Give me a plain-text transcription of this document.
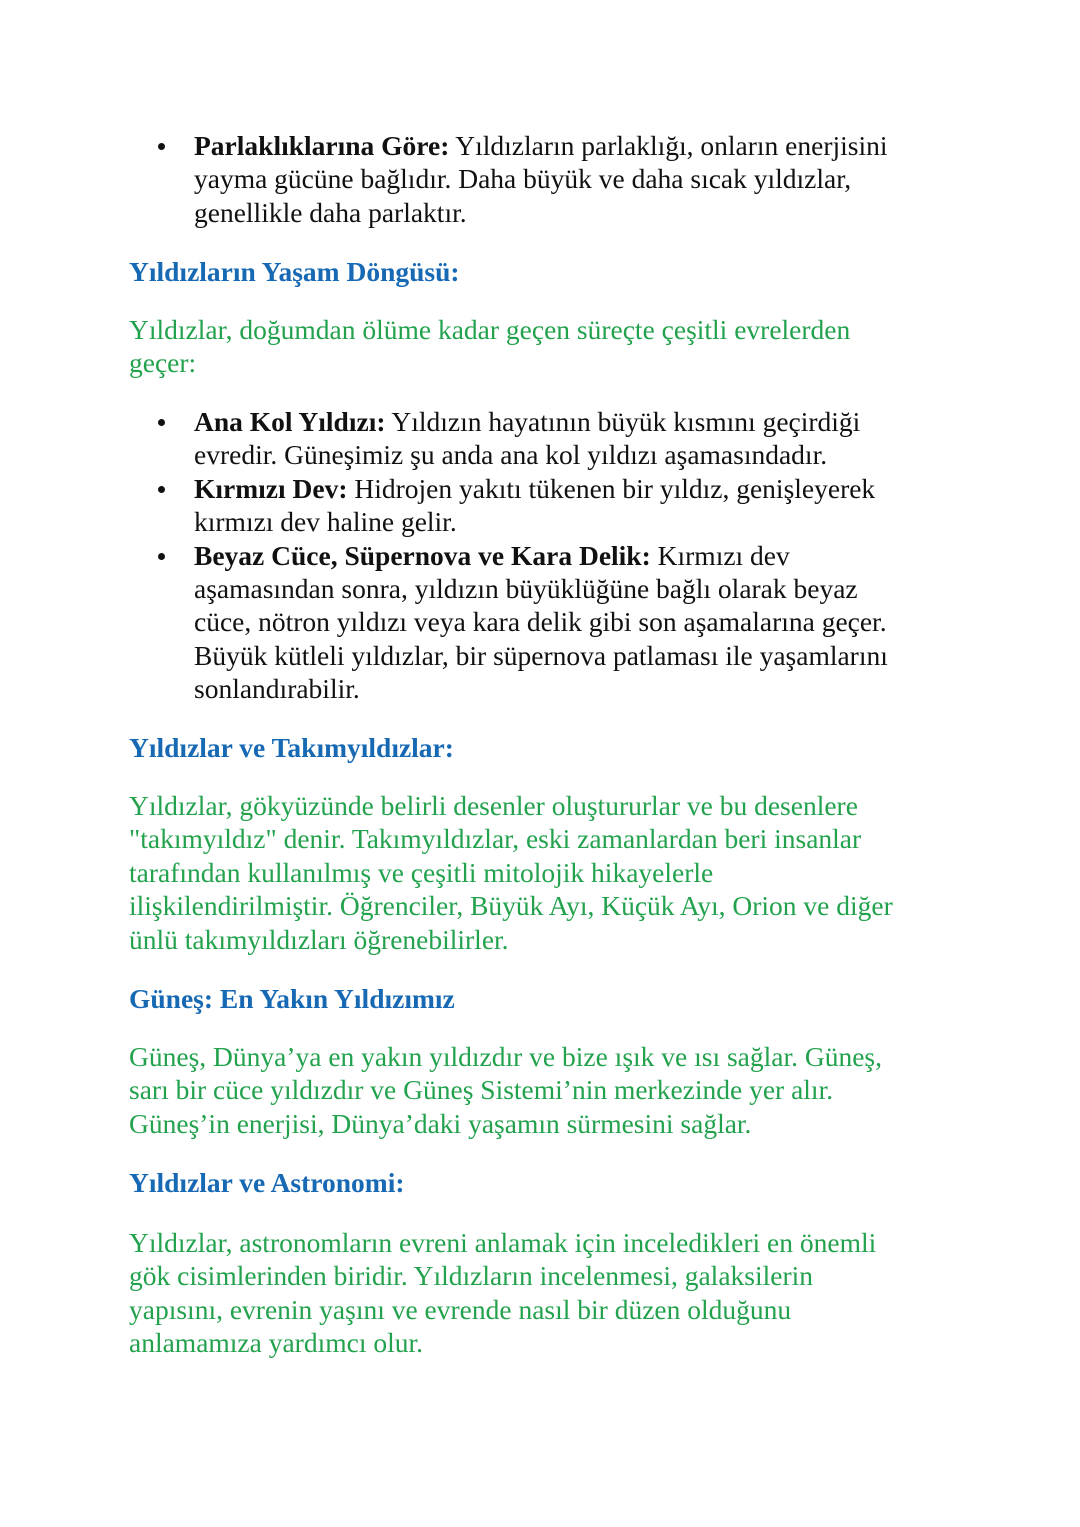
Parlaklıklarına Göre: Yıldızların parlaklığı, onların enerjisini
yayma gücüne bağlıdır. Daha büyük ve daha sıcak yıldızlar,
genellikle daha parlaktır.
Yıldızların Yaşam Döngüsü:
Yıldızlar, doğumdan ölüme kadar geçen süreçte çeşitli evrelerden
geçer:
Ana Kol Yıldızı: Yıldızın hayatının büyük kısmını geçirdiği
evredir. Güneşimiz şu anda ana kol yıldızı aşamasındadır.
Kırmızı Dev: Hidrojen yakıtı tükenen bir yıldız, genişleyerek
kırmızı dev haline gelir.
Beyaz Cüce, Süpernova ve Kara Delik: Kırmızı dev
aşamasından sonra, yıldızın büyüklüğüne bağlı olarak beyaz
cüce, nötron yıldızı veya kara delik gibi son aşamalarına geçer.
Büyük kütleli yıldızlar, bir süpernova patlaması ile yaşamlarını
sonlandırabilir.
Yıldızlar ve Takımyıldızlar:
Yıldızlar, gökyüzünde belirli desenler oluştururlar ve bu desenlere
"takımyıldız" denir. Takımyıldızlar, eski zamanlardan beri insanlar
tarafından kullanılmış ve çeşitli mitolojik hikayelerle
ilişkilendirilmiştir. Öğrenciler, Büyük Ayı, Küçük Ayı, Orion ve diğer
ünlü takımyıldızları öğrenebilirler.
Güneş: En Yakın Yıldızımız
Güneş, Dünya’ya en yakın yıldızdır ve bize ışık ve ısı sağlar. Güneş,
sarı bir cüce yıldızdır ve Güneş Sistemi’nin merkezinde yer alır.
Güneş’in enerjisi, Dünya’daki yaşamın sürmesini sağlar.
Yıldızlar ve Astronomi:
Yıldızlar, astronomların evreni anlamak için inceledikleri en önemli
gök cisimlerinden biridir. Yıldızların incelenmesi, galaksilerin
yapısını, evrenin yaşını ve evrende nasıl bir düzen olduğunu
anlamamıza yardımcı olur.
